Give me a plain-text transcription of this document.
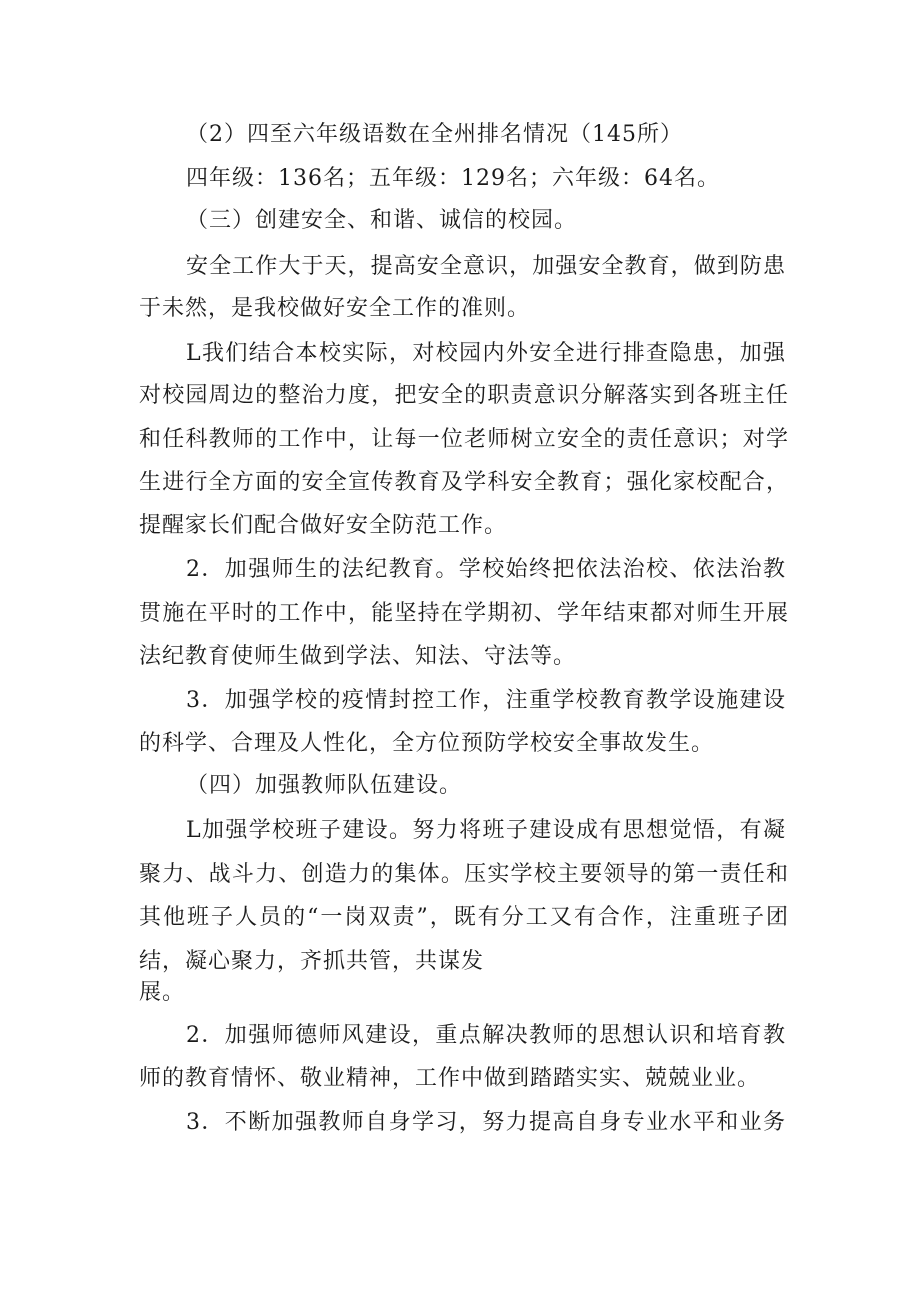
（2）四至六年级语数在全州排名情况（145所）
四年级：136名；五年级：129名；六年级：64名。
（三）创建安全、和谐、诚信的校园。
安全工作大于天，提高安全意识，加强安全教育，做到防患
于未然，是我校做好安全工作的准则。
L我们结合本校实际，对校园内外安全进行排查隐患，加强
对校园周边的整治力度，把安全的职责意识分解落实到各班主任
和任科教师的工作中，让每一位老师树立安全的责任意识；对学
生进行全方面的安全宣传教育及学科安全教育；强化家校配合，
提醒家长们配合做好安全防范工作。
2．加强师生的法纪教育。学校始终把依法治校、依法治教
贯施在平时的工作中，能坚持在学期初、学年结束都对师生开展
法纪教育使师生做到学法、知法、守法等。
3．加强学校的疫情封控工作，注重学校教育教学设施建设
的科学、合理及人性化，全方位预防学校安全事故发生。
（四）加强教师队伍建设。
L加强学校班子建设。努力将班子建设成有思想觉悟，有凝
聚力、战斗力、创造力的集体。压实学校主要领导的第一责任和
其他班子人员的“一岗双责”，既有分工又有合作，注重班子团
结，凝心聚力，齐抓共管，共谋发
展。
2．加强师德师风建设，重点解决教师的思想认识和培育教
师的教育情怀、敬业精神，工作中做到踏踏实实、兢兢业业。
3．不断加强教师自身学习，努力提高自身专业水平和业务
